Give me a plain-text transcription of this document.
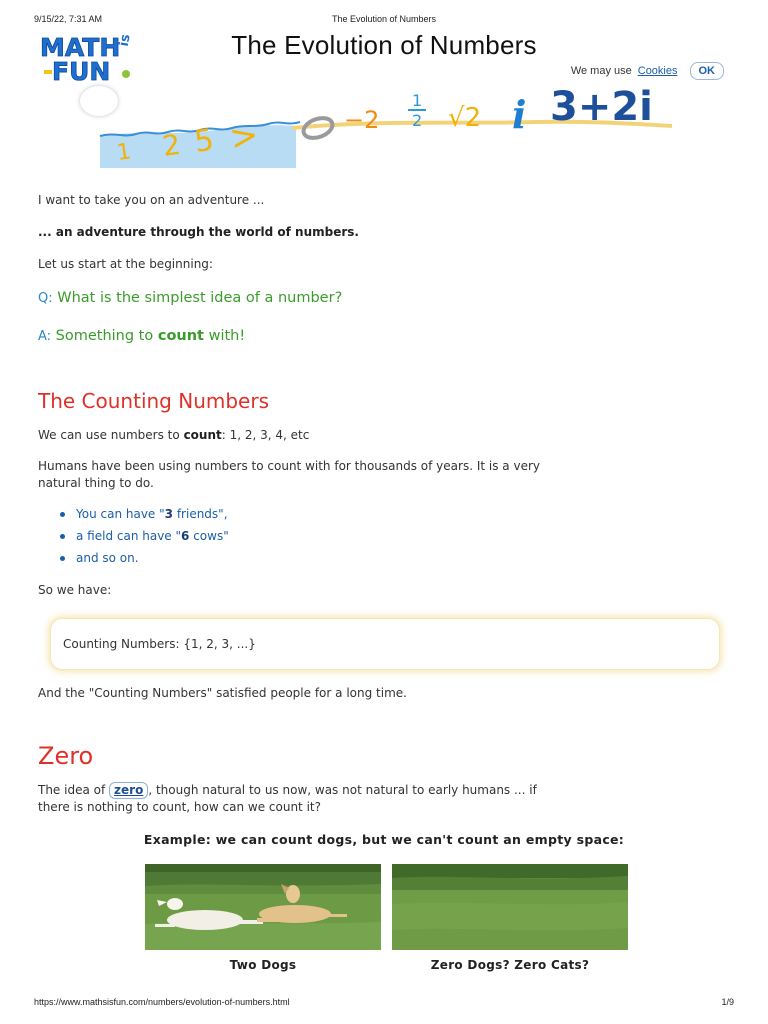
9/15/22, 7:31 AM	The Evolution of Numbers
MATH
is
FUN
The Evolution of Numbers
We may use Cookies	OK
1 2 5 >	−2
1
2 √2 i 3+2i
I want to take you on an adventure ...
... an adventure through the world of numbers.
Let us start at the beginning:
Q: What is the simplest idea of a number?
A: Something to count with!
The Counting Numbers
We can use numbers to count: 1, 2, 3, 4, etc
Humans have been using numbers to count with for thousands of years. It is a very
natural thing to do.
You can have "3 friends",
a field can have "6 cows"
and so on.
So we have:
Counting Numbers: {1, 2, 3, ...}
And the "Counting Numbers" satisfied people for a long time.
Zero
The idea of zero , though natural to us now, was not natural to early humans ... if
there is nothing to count, how can we count it?
Example: we can count dogs, but we can't count an empty space:
Two Dogs	Zero Dogs? Zero Cats?
https://www.mathsisfun.com/numbers/evolution-of-numbers.html	1/9
